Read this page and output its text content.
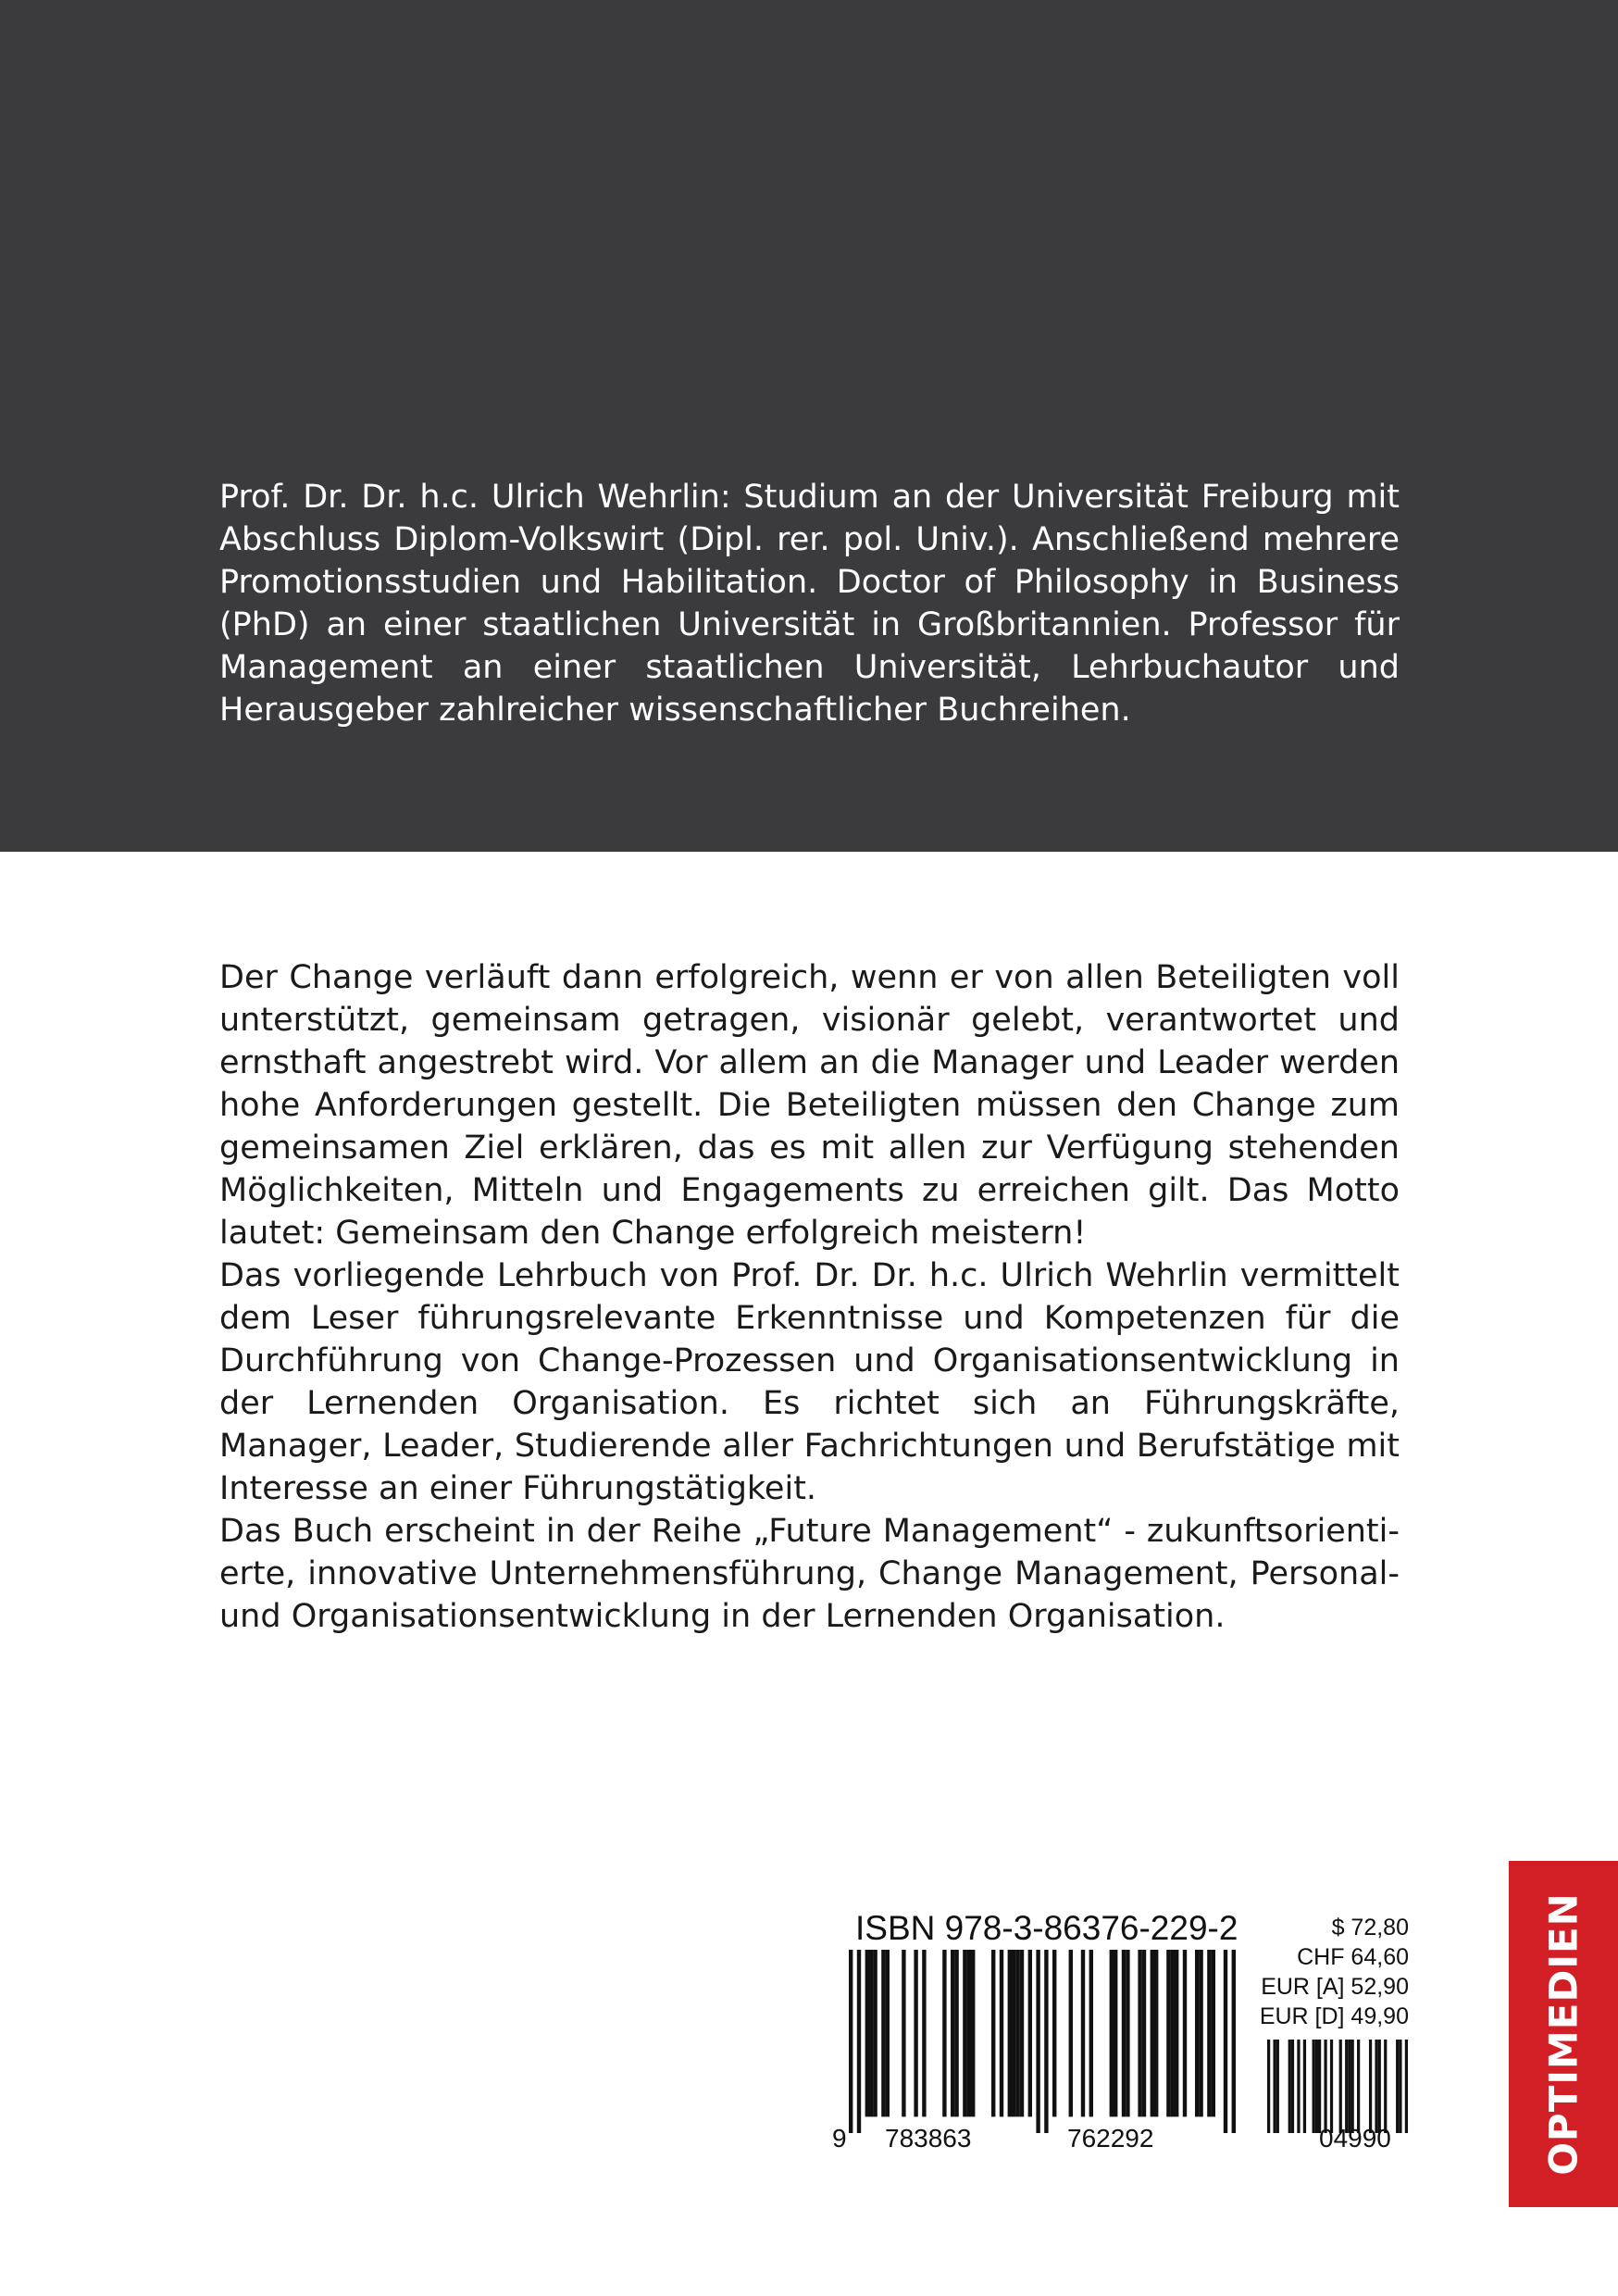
Prof. Dr. Dr. h.c. Ulrich Wehrlin: Studium an der Universität Freiburg mit Abschluss Diplom-Volkswirt (Dipl. rer. pol. Univ.). Anschließend mehrere Promotionsstudien und Habilitation. Doctor of Philosophy in Business (PhD) an einer staatlichen Universität in Großbritannien. Professor für Management an einer staatlichen Universität, Lehrbuchautor und Herausgeber zahlreicher wissenschaftlicher Buchreihen.

Der Change verläuft dann erfolgreich, wenn er von allen Beteiligten voll unterstützt, gemeinsam getragen, visionär gelebt, verantwortet und ernsthaft angestrebt wird. Vor allem an die Manager und Leader werden hohe Anforderungen gestellt. Die Beteiligten müssen den Change zum gemeinsamen Ziel erklären, das es mit allen zur Verfügung stehenden Möglichkeiten, Mitteln und Engagements zu erreichen gilt. Das Motto lautet: Gemeinsam den Change erfolgreich meistern!

Das vorliegende Lehrbuch von Prof. Dr. Dr. h.c. Ulrich Wehrlin vermittelt dem Leser führungsrelevante Erkenntnisse und Kompetenzen für die Durchführung von Change-Prozessen und Organisationsentwicklung in der Lernenden Organisation. Es richtet sich an Führungskräfte, Manager, Leader, Studierende aller Fachrichtungen und Berufstätige mit Interesse an einer Führungstätigkeit.

Das Buch erscheint in der Reihe „Future Management“ - zukunftsorientierte, innovative Unternehmensführung, Change Management, Personal- und Organisationsentwicklung in der Lernenden Organisation.

ISBN 978-3-86376-229-2

9 783863	762292	04990
$ 72,80
CHF 64,60
EUR [A] 52,90
EUR [D] 49,90	OPTIMEDIEN
